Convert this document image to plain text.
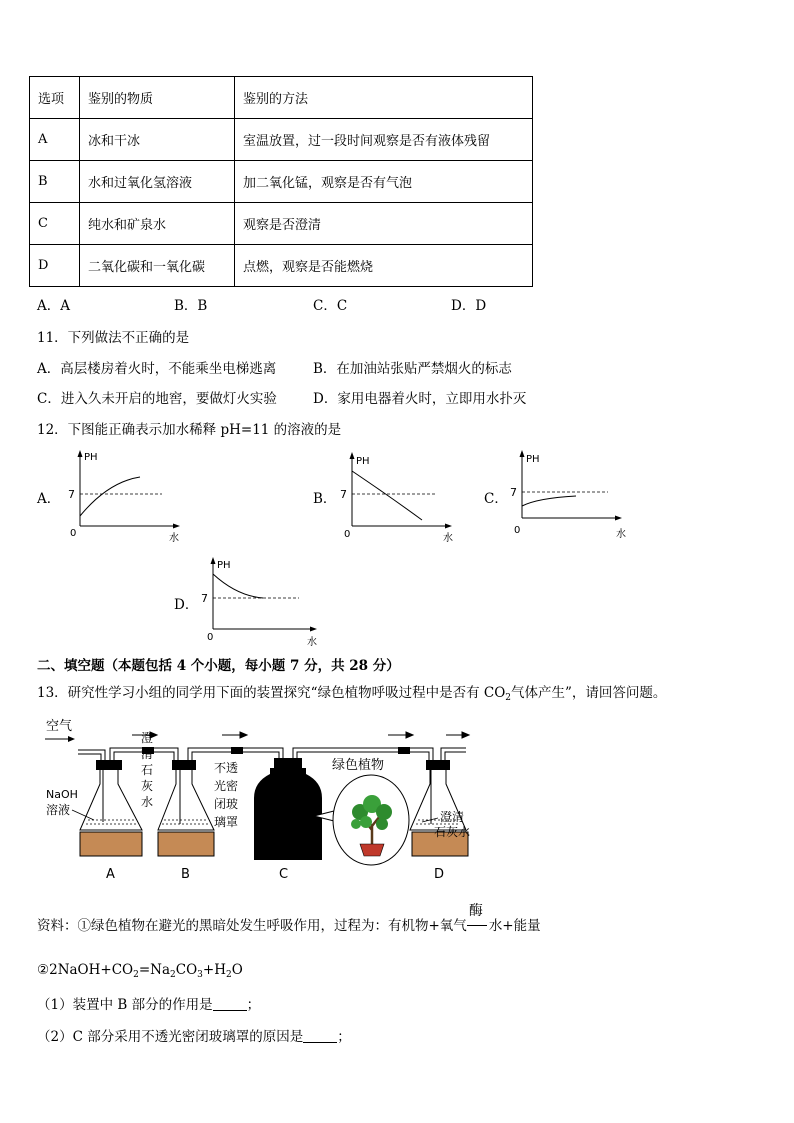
选项	鉴别的物质	鉴别的方法
A	冰和干冰	室温放置，过一段时间观察是否有液体残留
B	水和过氧化氢溶液	加二氧化锰，观察是否有气泡
C	纯水和矿泉水	观察是否澄清
D	二氧化碳和一氧化碳	点燃，观察是否能燃烧
A．A	B．B	C．C	D．D
11．下列做法不正确的是
A．高层楼房着火时，不能乘坐电梯逃离	B．在加油站张贴严禁烟火的标志
C．进入久未开启的地窖，要做灯火实验	D．家用电器着火时，立即用水扑灭
12．下图能正确表示加水稀释 pH=11 的溶液的是
A．
PH
7
0	水
B．
PH
7
0	水
C．
PH
7
0	水
D．
PH
7
0	水
二、填空题（本题包括 4 个小题，每小题 7 分，共 28 分）
13．研究性学习小组的同学用下面的装置探究“绿色植物呼吸过程中是否有 $CO_2$气体产生”，请回答问题。
空气
NaOH
溶液
澄
清
石
灰
水
不透
光密
闭玻
璃罩
绿色植物
澄清
石灰水
A	B	C	D
资料：①绿色植物在避光的黑暗处发生呼吸作用，过程为：有机物+氧气
酶
水+能量
$②2NaOH+CO_2=Na_2CO_3+H_2O$
（1）装置中 B 部分的作用是	；
（2）C 部分采用不透光密闭玻璃罩的原因是	；
